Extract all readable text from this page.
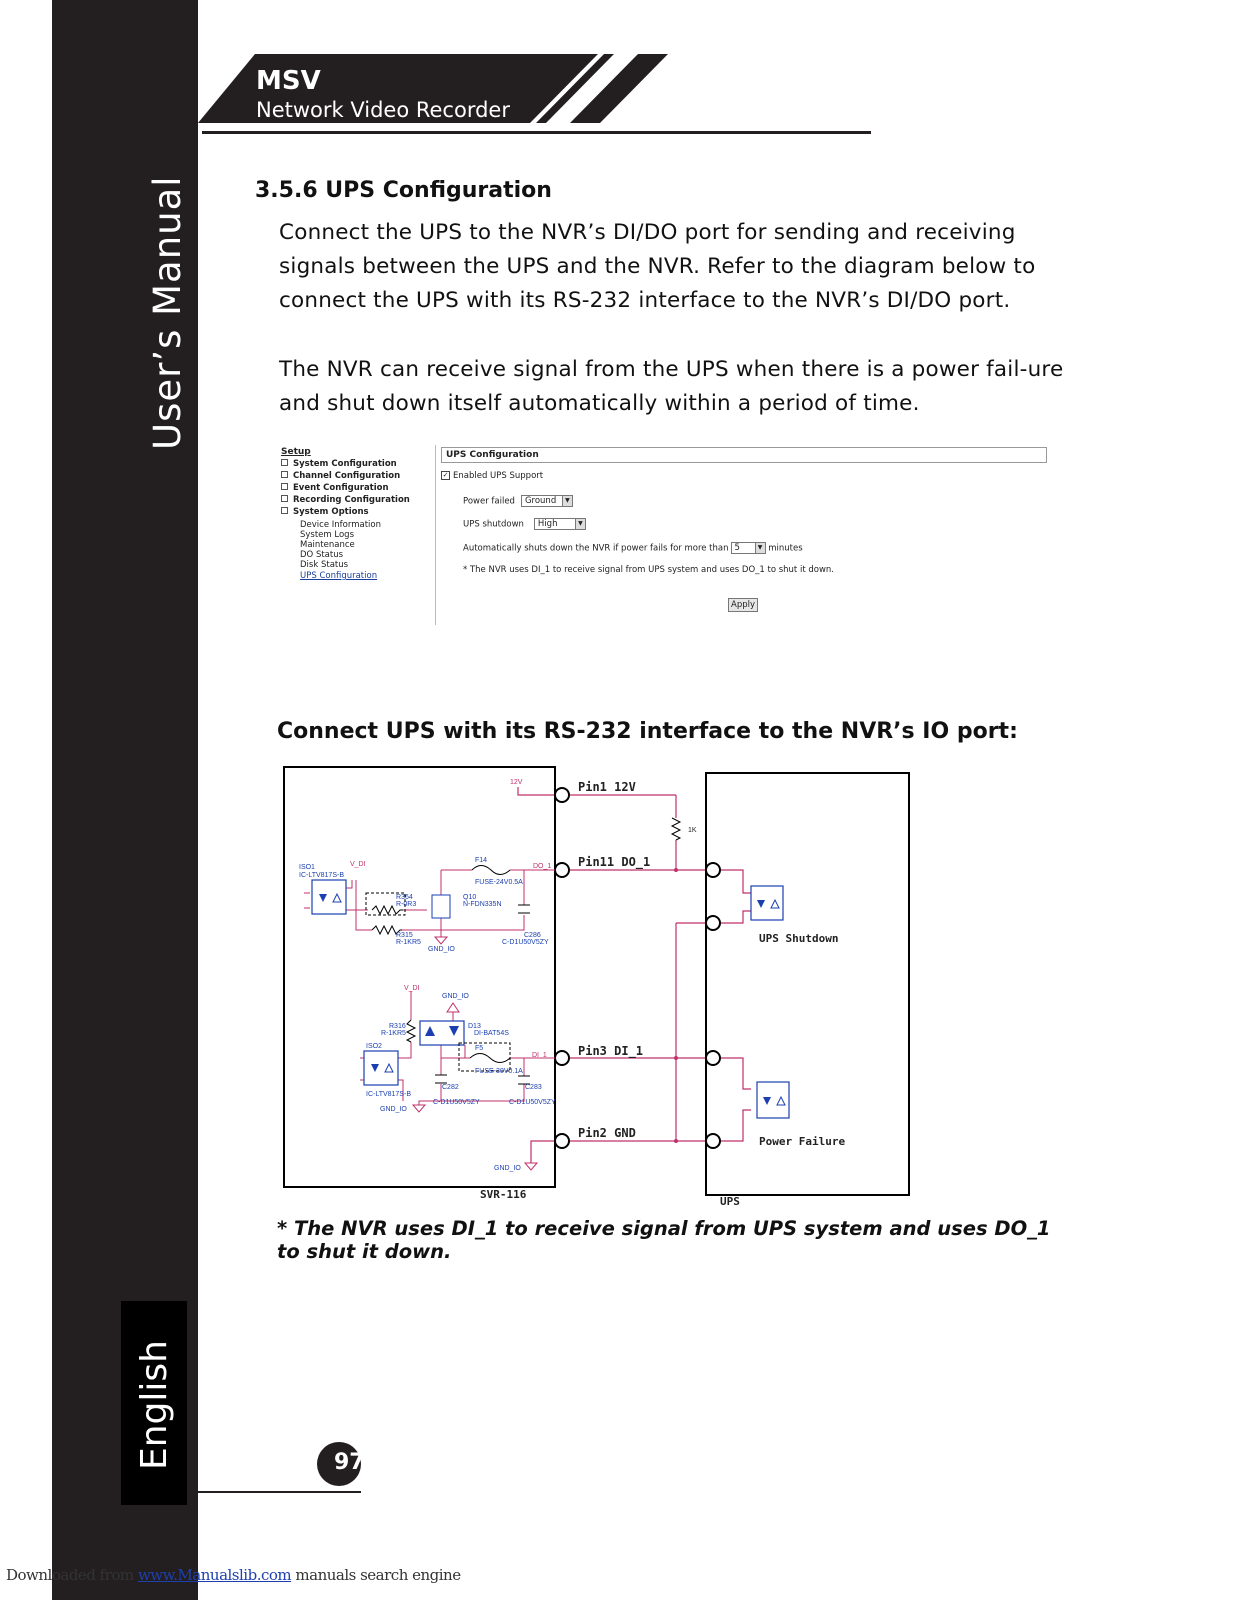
User’s Manual
English
MSV
Network Video Recorder
3.5.6 UPS Configuration

Connect the UPS to the NVR’s DI/DO port for sending and receiving signals between the UPS and the NVR. Refer to the diagram below to connect the UPS with its RS-232 interface to the NVR’s DI/DO port.

The NVR can receive signal from the UPS when there is a power fail-ure and shut down itself automatically within a period of time.

Setup
System Configuration
Channel Configuration
Event Configuration
Recording Configuration
System Options
Device Information
System Logs
Maintenance
DO Status
Disk Status
UPS Configuration
UPS Configuration
✓ Enabled UPS Support
Power failed Ground	▼
UPS shutdown High	▼
Automatically shuts down the NVR if power fails for more than 5	▼ minutes
* The NVR uses DI_1 to receive signal from UPS system and uses DO_1 to shut it down.
Apply
Connect UPS with its RS-232 interface to the NVR’s IO port:
Pin1 12V
Pin11 DO_1
Pin3 DI_1
Pin2 GND
UPS Shutdown
Power Failure
SVR-116
UPS
12V
1K
ISO1
IC-LTV817S-B
V_DI
R364
R-0R3
F14
FUSE-24V0.5A
Q10
N-FDN335N
R315
R-1KR5
GND_IO
C286
C-D1U50V5ZY
DO_1
V_DI
GND_IO
R316
R-1KR5
D13
DI-BAT54S
ISO2
IC-LTV817S-B
F5
FUSE-30V0.1A
C282
C-D1U50V5ZY
C283
C-D1U50V5ZY
DI_1
GND_IO
GND_IO

* The NVR uses DI_1 to receive signal from UPS system and uses DO_1 to shut it down.

97
Downloaded from www.Manualslib.com manuals search engine
